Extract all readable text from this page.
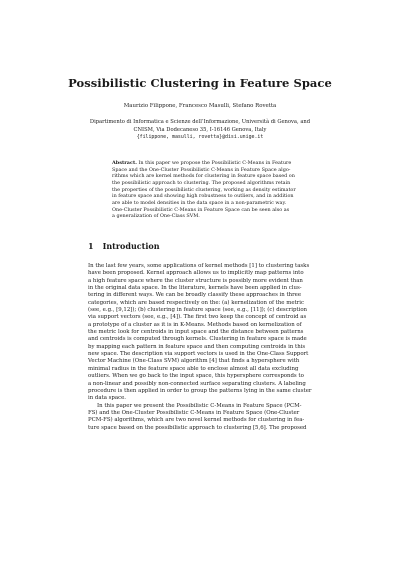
Possibilistic Clustering in Feature Space
Maurizio Filippone, Francesco Masulli, Stefano Rovetta
Dipartimento di Informatica e Scienze dell’Informazione, Università di Genova, and
CNISM, Via Dodecaneso 35, I-16146 Genova, Italy
{filippone, masulli, rovetta}@disi.unige.it
Abstract. In this paper we propose the Possibilistic C-Means in Feature
Space and the One-Cluster Possibilistic C-Means in Feature Space algo-
rithms which are kernel methods for clustering in feature space based on
the possibilistic approach to clustering. The proposed algorithms retain
the properties of the possibilistic clustering, working as density estimator
in feature space and showing high robustness to outliers, and in addition
are able to model densities in the data space in a non-parametric way.
One-Cluster Possibilistic C-Means in Feature Space can be seen also as
a generalization of One-Class SVM.
1 Introduction
In the last few years, some applications of kernel methods [1] to clustering tasks
have been proposed. Kernel approach allows us to implicitly map patterns into
a high feature space where the cluster structure is possibly more evident than
in the original data space. In the literature, kernels have been applied in clus-
tering in different ways. We can be broadly classify these approaches in three
categories, which are based respectively on the: (a) kernelization of the metric
(see, e.g., [9,12]); (b) clustering in feature space (see, e.g., [11]); (c) description
via support vectors (see, e.g., [4]). The first two keep the concept of centroid as
a prototype of a cluster as it is in K-Means. Methods based on kernelization of
the metric look for centroids in input space and the distance between patterns
and centroids is computed through kernels. Clustering in feature space is made
by mapping each pattern in feature space and then computing centroids in this
new space. The description via support vectors is used in the One-Class Support
Vector Machine (One-Class SVM) algorithm [4] that finds a hypersphere with
minimal radius in the feature space able to enclose almost all data excluding
outliers. When we go back to the input space, this hypersphere corresponds to
a non-linear and possibly non-connected surface separating clusters. A labeling
procedure is then applied in order to group the patterns lying in the same cluster
in data space.
In this paper we present the Possibilistic C-Means in Feature Space (PCM-
FS) and the One-Cluster Possibilistic C-Means in Feature Space (One-Cluster
PCM-FS) algorithms, which are two novel kernel methods for clustering in fea-
ture space based on the possibilistic approach to clustering [5,6]. The proposed
